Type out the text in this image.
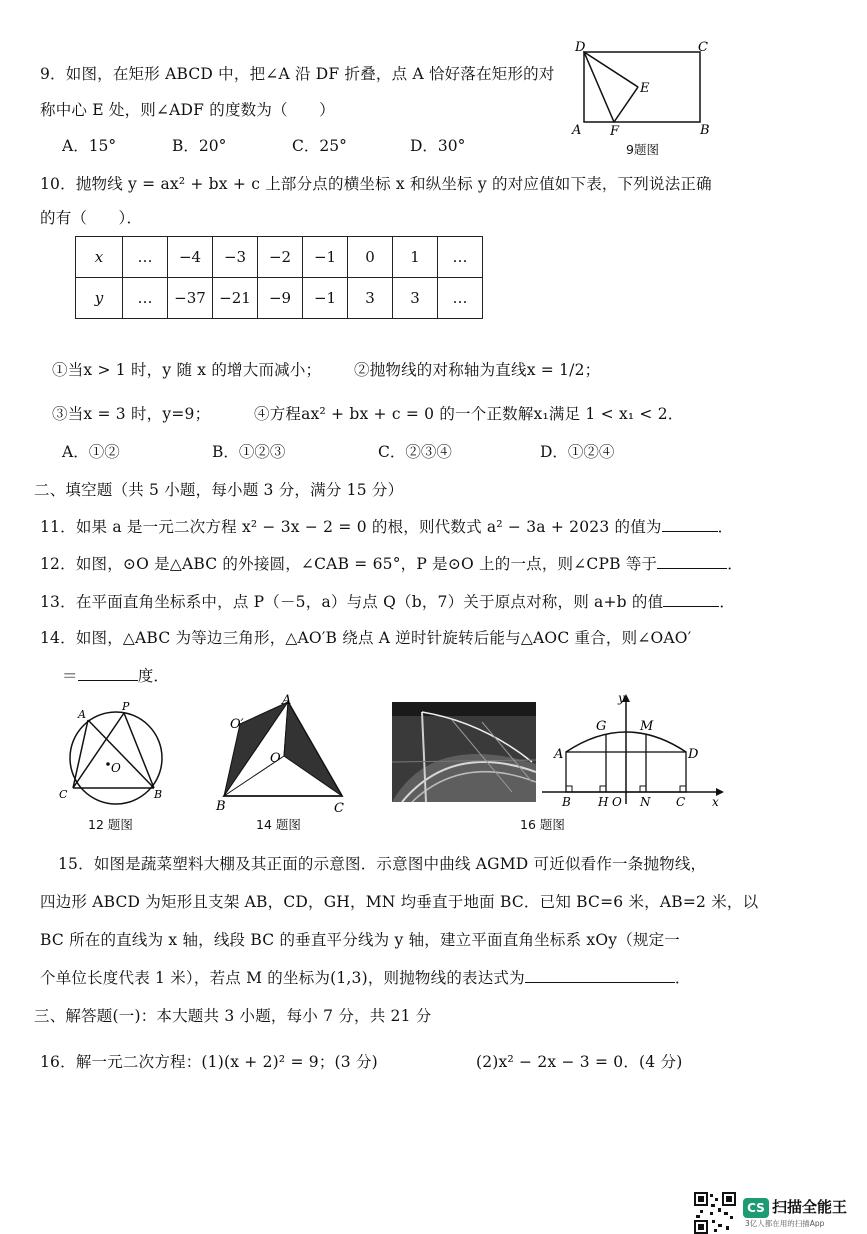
9．如图，在矩形 ABCD 中，把∠A 沿 DF 折叠，点 A 恰好落在矩形的对
称中心 E 处，则∠ADF 的度数为（　　）
A．15°	B．20°	C．25°	D．30°
D	C
E
A F	B
9题图
10．抛物线 y = ax² + bx + c 上部分点的横坐标 x 和纵坐标 y 的对应值如下表，下列说法正确
的有（　　）．
x	…	−4	−3	−2	−1	0	1	…
y	…	−37	−21	−9	−1	3	3	…
①当x > 1 时，y 随 x 的增大而减小； ②抛物线的对称轴为直线x = 1/2；
③当x = 3 时，y=9；	④方程ax² + bx + c = 0 的一个正数解x₁满足 1 < x₁ < 2．
A．①②	B．①②③	C．②③④	D．①②④
二、填空题（共 5 小题，每小题 3 分，满分 15 分）
11．如果 a 是一元二次方程 x² − 3x − 2 = 0 的根，则代数式 a² − 3a + 2023 的值为	．
12．如图，⊙O 是△ABC 的外接圆，∠CAB = 65°，P 是⊙O 上的一点，则∠CPB 等于	．
13．在平面直角坐标系中，点 P（－5，a）与点 Q（b，7）关于原点对称，则 a+b 的值	．
14．如图，△ABC 为等边三角形，△AO′B 绕点 A 逆时针旋转后能与△AOC 重合，则∠OAO′
＝	度．
A
P
O
C	B
12 题图
O′
A
O
B	C
14 题图
y
G	M
A	D
B H O N C x
16 题图
15．如图是蔬菜塑料大棚及其正面的示意图．示意图中曲线 AGMD 可近似看作一条抛物线，
四边形 ABCD 为矩形且支架 AB，CD，GH，MN 均垂直于地面 BC．已知 BC=6 米，AB=2 米，以
BC 所在的直线为 x 轴，线段 BC 的垂直平分线为 y 轴，建立平面直角坐标系 xOy（规定一
个单位长度代表 1 米），若点 M 的坐标为(1,3)，则抛物线的表达式为	．
三、解答题(一)：本大题共 3 小题，每小 7 分，共 21 分
16．解一元二次方程：(1)(x + 2)² = 9；(3 分)	(2)x² − 2x − 3 = 0．(4 分)
CS 扫描全能王
3亿人都在用的扫描App
